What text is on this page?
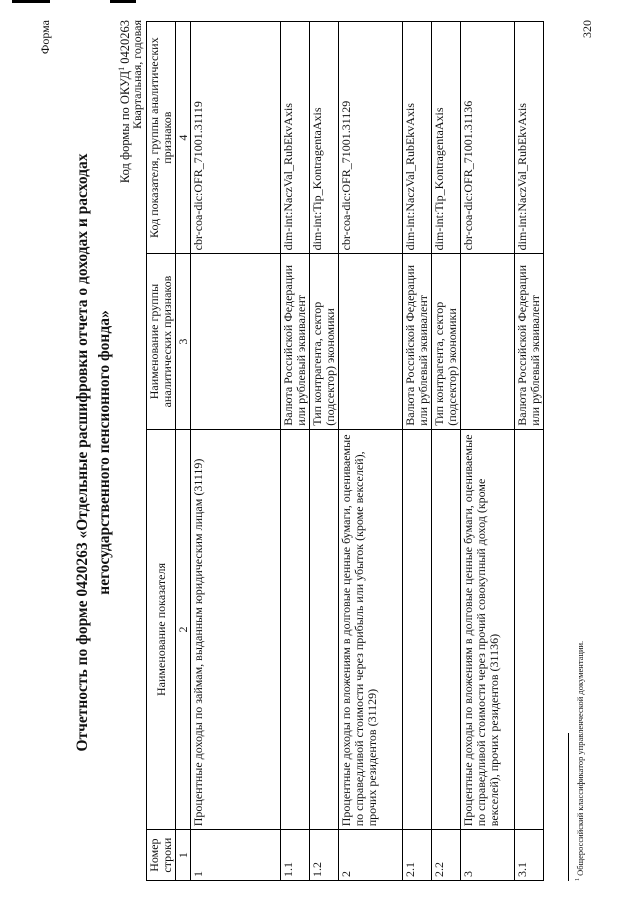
Форма
Отчетность по форме 0420263 «Отдельные расшифровки отчета о доходах и расходах негосударственного пенсионного фонда»
Код формы по ОКУД$^1$ 0420263
Квартальная, годовая
Номер строки	Наименование показателя	Наименование группы аналитических признаков	Код показателя, группы аналитических признаков
1	2	3	4
1	Процентные доходы по займам, выданным юридическим лицам (31119)		cbr-coa-dic:OFR_71001.31119
1.1		Валюта Российской Федерации или рублевый эквивалент	dim-int:NaczVal_RubEkvAxis
1.2		Тип контрагента, сектор (подсектор) экономики	dim-int:Tip_KontragentaAxis
2	Процентные доходы по вложениям в долговые ценные бумаги, оцениваемые по справедливой стоимости через прибыль или убыток (кроме векселей), прочих резидентов (31129)		cbr-coa-dic:OFR_71001.31129
2.1		Валюта Российской Федерации или рублевый эквивалент	dim-int:NaczVal_RubEkvAxis
2.2		Тип контрагента, сектор (подсектор) экономики	dim-int:Tip_KontragentaAxis
3	Процентные доходы по вложениям в долговые ценные бумаги, оцениваемые по справедливой стоимости через прочий совокупный доход (кроме векселей), прочих резидентов (31136)		cbr-coa-dic:OFR_71001.31136
3.1		Валюта Российской Федерации или рублевый эквивалент	dim-int:NaczVal_RubEkvAxis
$^1$ Общероссийский классификатор управленческой документации.
320
